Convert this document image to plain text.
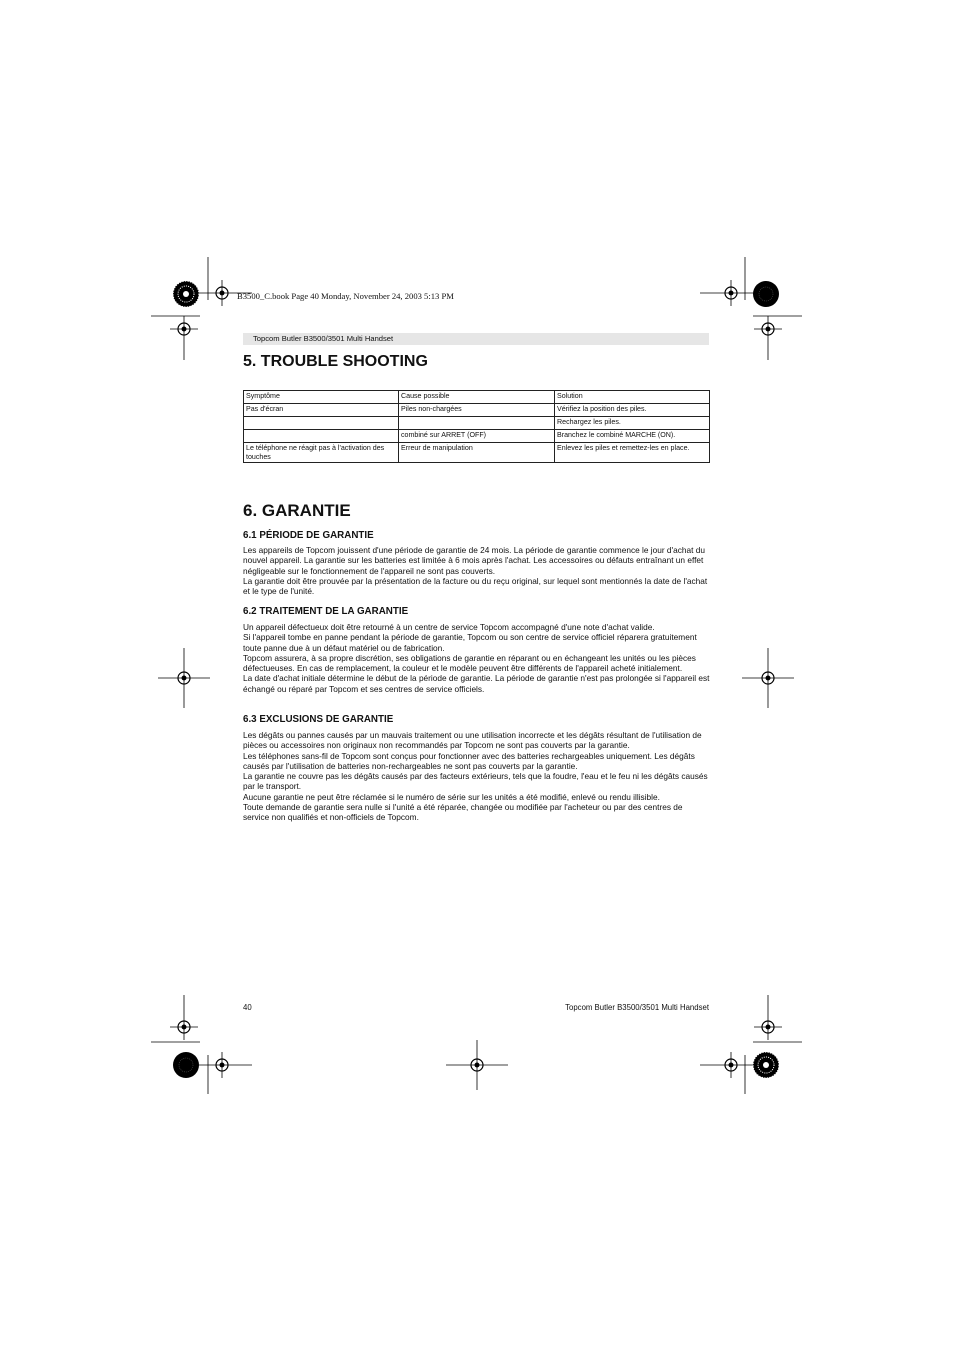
B3500_C.book Page 40 Monday, November 24, 2003 5:13 PM
Topcom Butler B3500/3501 Multi Handset
5. TROUBLE SHOOTING
Symptôme	Cause possible	Solution
Pas d'écran	Piles non-chargées	Vérifiez la position des piles.
		Rechargez les piles.
	combiné sur ARRET (OFF)	Branchez le combiné MARCHE (ON).
Le téléphone ne réagit pas à l'activation des touches	Erreur de manipulation	Enlevez les piles et remettez-les en place.
6. GARANTIE
6.1 PÉRIODE DE GARANTIE

Les appareils de Topcom jouissent d'une période de garantie de 24 mois. La période de garantie commence le jour d'achat du nouvel appareil. La garantie sur les batteries est limitée à 6 mois après l'achat. Les accessoires ou défauts entraînant un effet négligeable sur le fonctionnement de l'appareil ne sont pas couverts.

La garantie doit être prouvée par la présentation de la facture ou du reçu original, sur lequel sont mentionnés la date de l'achat et le type de l'unité.

6.2 TRAITEMENT DE LA GARANTIE

Un appareil défectueux doit être retourné à un centre de service Topcom accompagné d'une note d'achat valide.

Si l'appareil tombe en panne pendant la période de garantie, Topcom ou son centre de service officiel réparera gratuitement toute panne due à un défaut matériel ou de fabrication.

Topcom assurera, à sa propre discrétion, ses obligations de garantie en réparant ou en échangeant les unités ou les pièces défectueuses. En cas de remplacement, la couleur et le modèle peuvent être différents de l'appareil acheté initialement.

La date d'achat initiale détermine le début de la période de garantie. La période de garantie n'est pas prolongée si l'appareil est échangé ou réparé par Topcom et ses centres de service officiels.

6.3 EXCLUSIONS DE GARANTIE

Les dégâts ou pannes causés par un mauvais traitement ou une utilisation incorrecte et les dégâts résultant de l'utilisation de pièces ou accessoires non originaux non recommandés par Topcom ne sont pas couverts par la garantie.

Les téléphones sans-fil de Topcom sont conçus pour fonctionner avec des batteries rechargeables uniquement. Les dégâts causés par l'utilisation de batteries non-rechargeables ne sont pas couverts par la garantie.

La garantie ne couvre pas les dégâts causés par des facteurs extérieurs, tels que la foudre, l'eau et le feu ni les dégâts causés par le transport.

Aucune garantie ne peut être réclamée si le numéro de série sur les unités a été modifié, enlevé ou rendu illisible.

Toute demande de garantie sera nulle si l'unité a été réparée, changée ou modifiée par l'acheteur ou par des centres de service non qualifiés et non-officiels de Topcom.

40	Topcom Butler B3500/3501 Multi Handset
